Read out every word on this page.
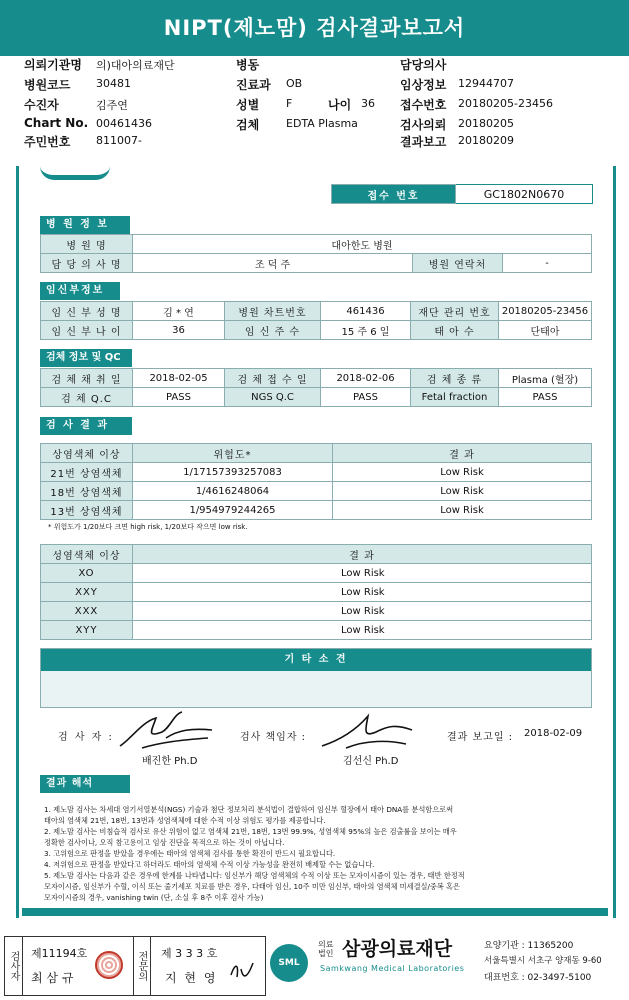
NIPT(제노맘) 검사결과보고서
의뢰기관명 의)대아의료재단
병원코드 30481
수진자	김주연
Chart No. 00461436
주민번호 811007-
병동
진료과 OB
성별 F	나이 36
검체 EDTA Plasma
담당의사
임상정보 12944707
접수번호 20180205-23456
검사의뢰 20180205
결과보고 20180209
접수 번호	GC1802N0670
병 원 정 보
병 원 명	대아한도 병원		
담 당 의 사 명	조 덕 주	병원 연락처	-
임신부정보
임 신 부 성 명	김 * 연	병원 차트번호	461436	재단 관리 번호	20180205-23456
임 신 부 나 이	36	임 신 주 수	15 주 6 일	태 아 수	단태아
검체 정보 및 QC
검 체 채 취 일	2018-02-05	검 체 접 수 일	2018-02-06	검 체 종 류	Plasma (혈장)
검 체 Q.C	PASS	NGS Q.C	PASS	Fetal fraction	PASS
검 사 결 과
상염색체 이상	위험도*	결 과
21번 상염색체	1/17157393257083	Low Risk
18번 상염색체	1/4616248064	Low Risk
13번 상염색체	1/954979244265	Low Risk
* 위험도가 1/20보다 크면 high risk, 1/20보다 작으면 low risk.
성염색체 이상	결 과
XO	Low Risk
XXY	Low Risk
XXX	Low Risk
XYY	Low Risk
기 타 소 견
검 사 자 :
배진한 Ph.D
검사 책임자 :
김선신 Ph.D
결과 보고일 : 2018-02-09
결과 해석

1. 제노맘 검사는 차세대 염기서열분석(NGS) 기술과 첨단 정보처리 분석법이 결합하여 임신부 혈장에서 태아 DNA를 분석함으로써

태아의 염색체 21번, 18번, 13번과 성염색체에 대한 수적 이상 위험도 평가를 제공합니다.

2. 제노맘 검사는 비침습적 검사로 유산 위험이 없고 염색체 21번, 18번, 13번 99.9%, 성염색체 95%의 높은 검출률을 보이는 매우

정확한 검사이나, 오직 참고용이고 임상 진단을 목적으로 하는 것이 아닙니다.

3. 고위험으로 판정을 받았을 경우에는 태아의 염색체 검사를 통한 확진이 반드시 필요합니다.

4. 저위험으로 판정을 받았다고 하더라도 태아의 염색체 수적 이상 가능성을 완전히 배제할 수는 없습니다.

5. 제노맘 검사는 다음과 같은 경우에 한계를 나타냅니다: 임신부가 해당 염색체의 수적 이상 또는 모자이시즘이 있는 경우, 태반 한정적

모자이시즘, 임신부가 수혈, 이식 또는 줄기세포 치료를 받은 경우, 다태아 임신, 10주 미만 임신부, 태아의 염색체 미세결실/중복 혹은

모자이시즘의 경우, vanishing twin (단, 소실 후 8주 이후 검사 가능)

검사자	제11194호
최 삼 규	전문의	제 3 3 3 호
지 현 영
SML
의료법인 삼광의료재단
Samkwang Medical Laboratories
요양기관 : 11365200
서울특별시 서초구 양재동 9-60
대표번호 : 02-3497-5100
